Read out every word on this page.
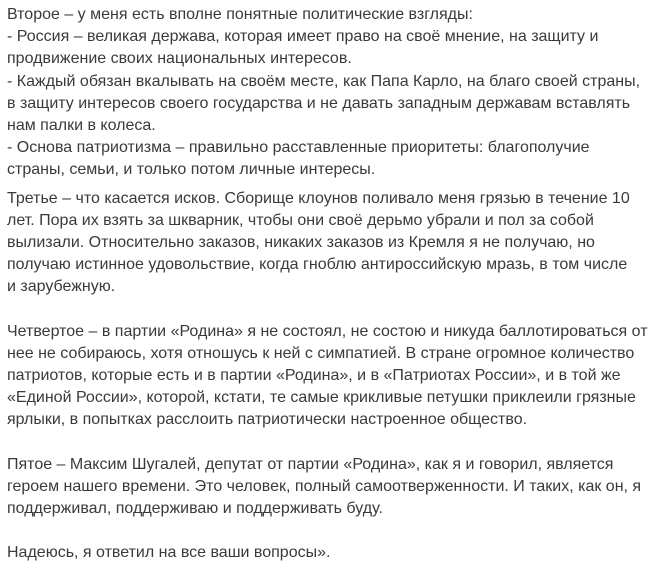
Второе – у меня есть вполне понятные политические взгляды:
- Россия – великая держава, которая имеет право на своё мнение, на защиту и
продвижение своих национальных интересов.
- Каждый обязан вкалывать на своём месте, как Папа Карло, на благо своей страны,
в защиту интересов своего государства и не давать западным державам вставлять
нам палки в колеса.
- Основа патриотизма – правильно расставленные приоритеты: благополучие
страны, семьи, и только потом личные интересы.
Третье – что касается исков. Сборище клоунов поливало меня грязью в течение 10
лет. Пора их взять за шкварник, чтобы они своё дерьмо убрали и пол за собой
вылизали. Относительно заказов, никаких заказов из Кремля я не получаю, но
получаю истинное удовольствие, когда гноблю антироссийскую мразь, в том числе
и зарубежную.
Четвертое – в партии «Родина» я не состоял, не состою и никуда баллотироваться от
нее не собираюсь, хотя отношусь к ней с симпатией. В стране огромное количество
патриотов, которые есть и в партии «Родина», и в «Патриотах России», и в той же
«Единой России», которой, кстати, те самые крикливые петушки приклеили грязные
ярлыки, в попытках расслоить патриотически настроенное общество.
Пятое – Максим Шугалей, депутат от партии «Родина», как я и говорил, является
героем нашего времени. Это человек, полный самоотверженности. И таких, как он, я
поддерживал, поддерживаю и поддерживать буду.
Надеюсь, я ответил на все ваши вопросы».
